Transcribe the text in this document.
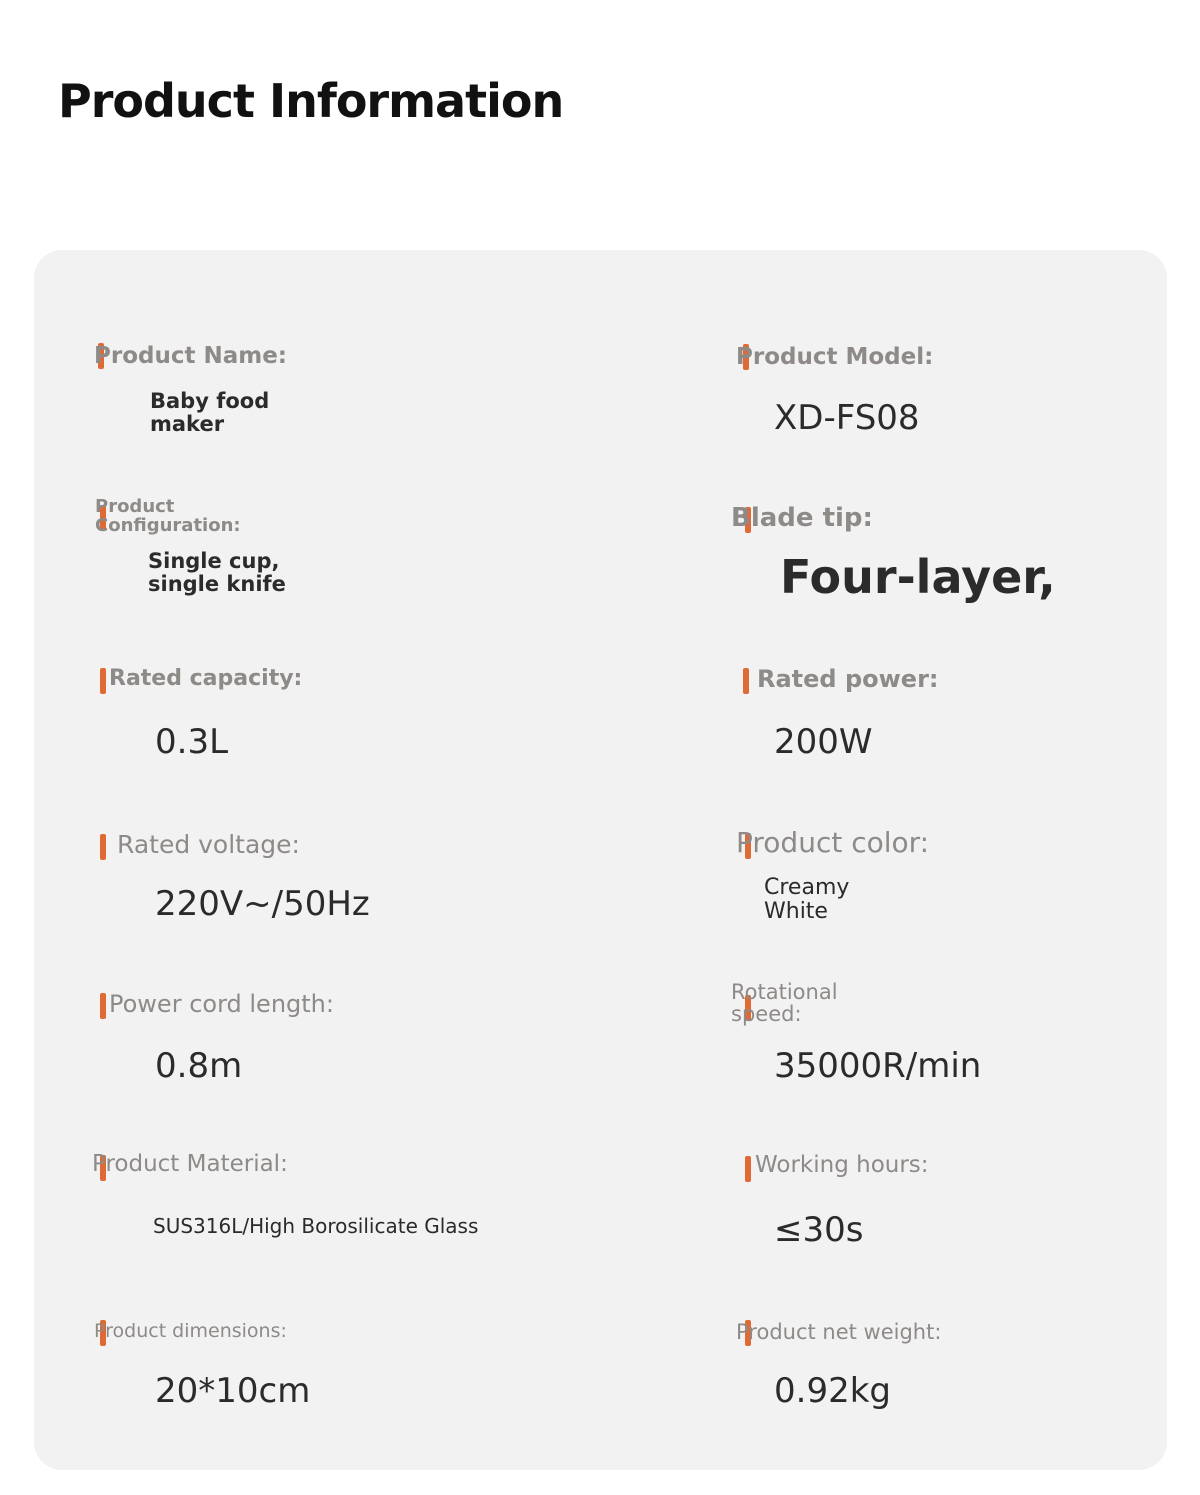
Product Information
Product Name:
Baby food maker
Product Configuration:
Single cup, single knife
Rated capacity:
0.3L
Rated voltage:
220V~/50Hz
Power cord length:
0.8m
Product Material:
SUS316L/High Borosilicate Glass
Product dimensions:
20*10cm
Product Model:
XD-FS08
Blade tip:
Four-layer,
Rated power:
200W
Product color:
Creamy White
Rotational speed:
35000R/min
Working hours:
≤30s
Product net weight:
0.92kg
